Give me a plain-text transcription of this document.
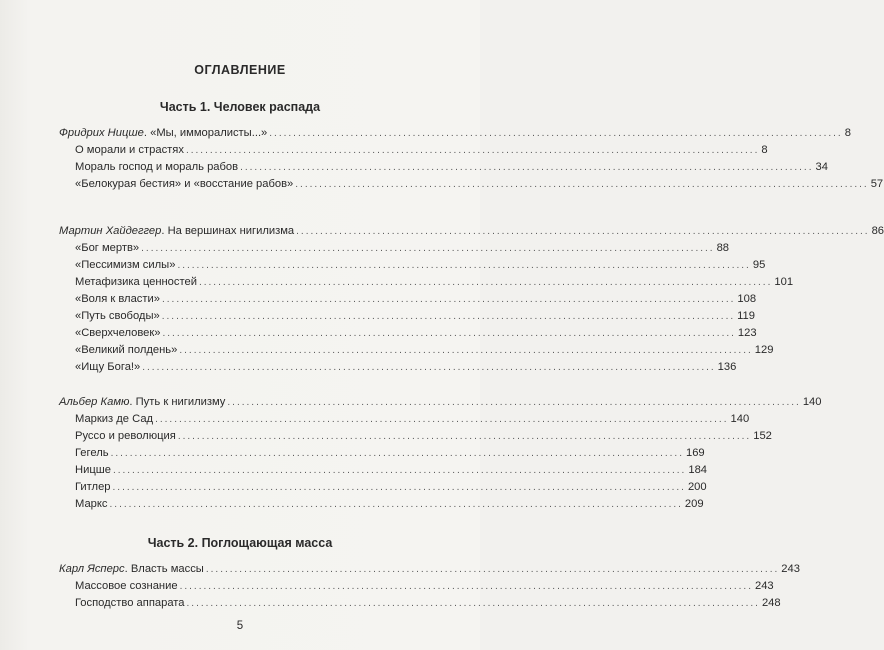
ОГЛАВЛЕНИЕ
Часть 1. Человек распада
Фридрих Ницше. «Мы, имморалисты...» ........................................................................................................................ 8
О морали и страстях ........................................................................................................................ 8
Мораль господ и мораль рабов ........................................................................................................................ 34
«Белокурая бестия» и «восстание рабов» ........................................................................................................................ 57
Мартин Хайдеггер. На вершинах нигилизма ........................................................................................................................ 86
«Бог мертв» ........................................................................................................................ 88
«Пессимизм силы» ........................................................................................................................ 95
Метафизика ценностей ........................................................................................................................ 101
«Воля к власти» ........................................................................................................................ 108
«Путь свободы» ........................................................................................................................ 119
«Сверхчеловек» ........................................................................................................................ 123
«Великий полдень» ........................................................................................................................ 129
«Ищу Бога!» ........................................................................................................................ 136
Альбер Камю. Путь к нигилизму ........................................................................................................................ 140
Маркиз де Сад ........................................................................................................................ 140
Руссо и революция ........................................................................................................................ 152
Гегель ........................................................................................................................ 169
Ницше ........................................................................................................................ 184
Гитлер ........................................................................................................................ 200
Маркс ........................................................................................................................ 209
Часть 2. Поглощающая масса
Карл Ясперс. Власть массы ........................................................................................................................ 243
Массовое сознание ........................................................................................................................ 243
Господство аппарата ........................................................................................................................ 248
5
